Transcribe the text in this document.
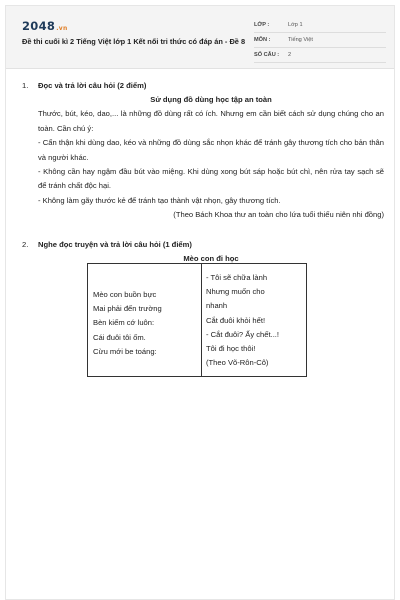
2048.vn
Đề thi cuối kì 2 Tiếng Việt lớp 1 Kết nối tri thức có đáp án - Đề 8
LỚP :	Lớp 1
MÔN :	Tiếng Việt
SỐ CÂU :	2
1. Đọc và trả lời câu hỏi (2 điểm)
Sử dụng đồ dùng học tập an toàn
Thước, bút, kéo, dao,... là những đồ dùng rất có ích. Nhưng em cần biết cách sử dụng chúng cho an toàn. Cần chú ý:
- Cẩn thận khi dùng dao, kéo và những đồ dùng sắc nhọn khác để tránh gây thương tích cho bản thân và người khác.
- Không cần hay ngậm đầu bút vào miệng. Khi dùng xong bút sáp hoặc bút chì, nên rửa tay sạch sẽ để tránh chất độc hại.
- Không làm gãy thước kẻ để tránh tạo thành vật nhọn, gây thương tích.
(Theo Bách Khoa thư an toàn cho lứa tuổi thiếu niên nhi đồng)
2. Nghe đọc truyện và trả lời câu hỏi (1 điểm)
Mèo con đi học
Mèo con buồn bực
Mai phải đến trường
Bèn kiếm cớ luôn:
Cái đuôi tôi ốm.
Cừu mới be toáng:
- Tôi sẽ chữa lành
Nhưng muốn cho
nhanh
Cắt đuôi khỏi hết!
- Cắt đuôi? Ấy chết...!
Tôi đi học thôi!
(Theo Võ-Rôn-Cô)
